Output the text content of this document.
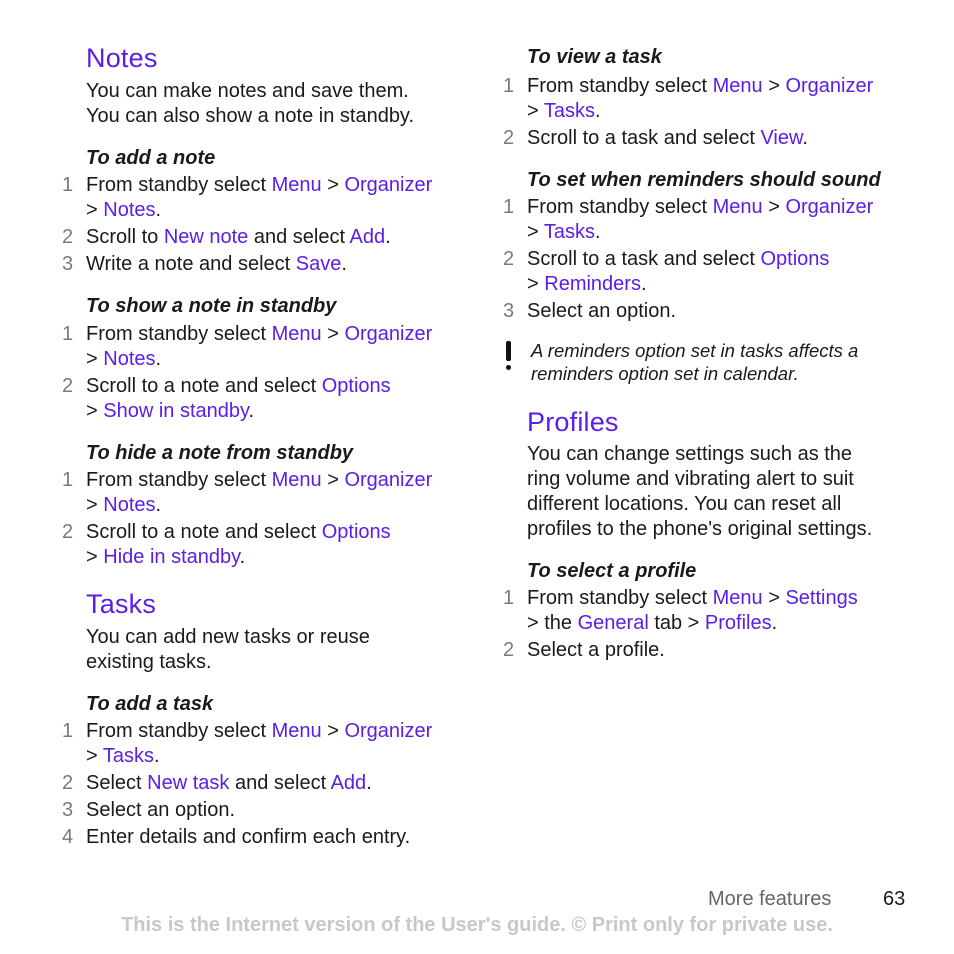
Notes

You can make notes and save them.
You can also show a note in standby.

To add a note

1 From standby select Menu > Organizer
> Notes.
2 Scroll to New note and select Add.
3 Write a note and select Save.

To show a note in standby

1 From standby select Menu > Organizer
> Notes.
2 Scroll to a note and select Options
> Show in standby.

To hide a note from standby

1 From standby select Menu > Organizer
> Notes.
2 Scroll to a note and select Options
> Hide in standby.
Tasks

You can add new tasks or reuse
existing tasks.

To add a task

1 From standby select Menu > Organizer
> Tasks.
2 Select New task and select Add.
3 Select an option.
4 Enter details and confirm each entry.

To view a task

1 From standby select Menu > Organizer
> Tasks.
2 Scroll to a task and select View.

To set when reminders should sound

1 From standby select Menu > Organizer
> Tasks.
2 Scroll to a task and select Options
> Reminders.
3 Select an option.
A reminders option set in tasks affects a
reminders option set in calendar.
Profiles

You can change settings such as the
ring volume and vibrating alert to suit
different locations. You can reset all
profiles to the phone's original settings.

To select a profile

1 From standby select Menu > Settings
> the General tab > Profiles.
2 Select a profile.
More features	63
This is the Internet version of the User's guide. © Print only for private use.
